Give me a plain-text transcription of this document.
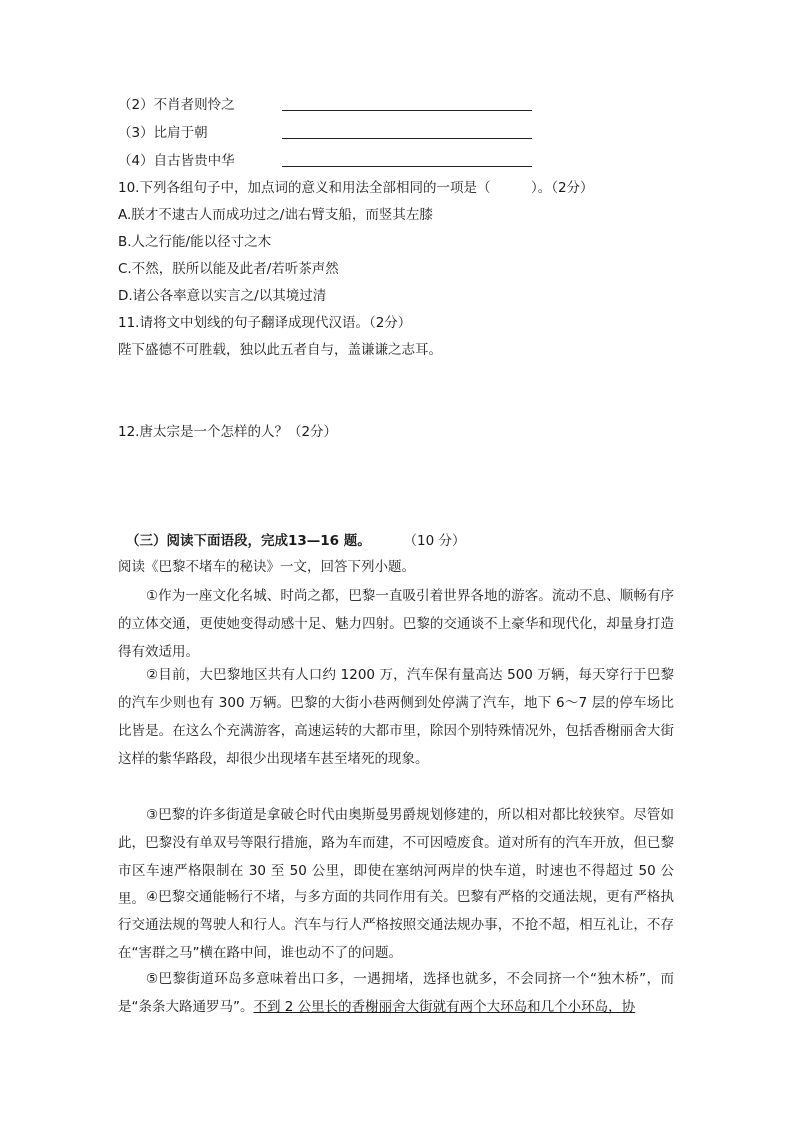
（2）不肖者则怜之
（3）比肩于朝
（4）自古皆贵中华
10.下列各组句子中，加点词的意义和用法全部相同的一项是（　　　）。（2分）
A.朕才不逮古人而成功过之/诎右臂支船，而竖其左膝
B.人之行能/能以径寸之木
C.不然，朕所以能及此者/若听茶声然
D.诸公各率意以实言之/以其境过清
11.请将文中划线的句子翻译成现代汉语。（2分）
陛下盛德不可胜载，独以此五者自与，盖谦谦之志耳。
12.唐太宗是一个怎样的人？（2分）
（三）阅读下面语段，完成13—16 题。 （10 分）
阅读《巴黎不堵车的秘诀》一文，回答下列小题。
①作为一座文化名城、时尚之都，巴黎一直吸引着世界各地的游客。流动不息、顺畅有序的立体交通，更使她变得动感十足、魅力四射。巴黎的交通谈不上豪华和现代化，却量身打造得有效适用。
②目前，大巴黎地区共有人口约 1200 万，汽车保有量高达 500 万辆，每天穿行于巴黎的汽车少则也有 300 万辆。巴黎的大街小巷两侧到处停满了汽车，地下 6～7 层的停车场比比皆是。在这么个充满游客，高速运转的大都市里，除因个别特殊情况外，包括香榭丽舍大街这样的紫华路段，却很少出现堵车甚至堵死的现象。
③巴黎的许多街道是拿破仑时代由奥斯曼男爵规划修建的，所以相对都比较狭窄。尽管如此，巴黎没有单双号等限行措施，路为车而建，不可因噎废食。道对所有的汽车开放，但已黎市区车速严格限制在 30 至 50 公里，即使在塞纳河两岸的快车道，时速也不得超过 50 公里。 ④巴黎交通能畅行不堵，与多方面的共同作用有关。巴黎有严格的交通法规，更有严格执行交通法规的驾驶人和行人。汽车与行人严格按照交通法规办事，不抢不超，相互礼让，不存在“害群之马”横在路中间，谁也动不了的问题。
⑤巴黎街道环岛多意味着出口多，一遇拥堵，选择也就多，不会同挤一个“独木桥”，而是“条条大路通罗马”。不到 2 公里长的香榭丽舍大街就有两个大环岛和几个小环岛，协
